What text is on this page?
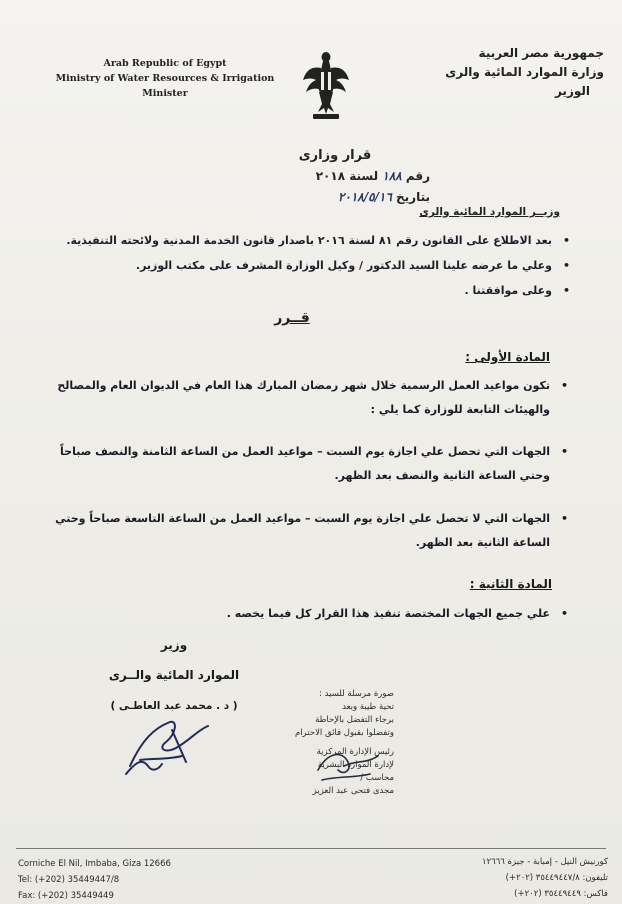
Arab Republic of Egypt
Ministry of Water Resources & Irrigation
Minister
جمهورية مصر العربية
وزارة الموارد المائية والرى
الوزير
قرار وزارى
رقم ١٨٨ لسنة ٢٠١٨
بتاريخ ٢٠١٨/٥/١٦
وزيــر الموارد المائية والرى
بعد الاطلاع على القانون رقم ٨١ لسنة ٢٠١٦ باصدار قانون الخدمة المدنية ولائحته التنفيذية. •
وعلي ما عرضه علينا السيد الدكتور / وكيل الوزارة المشرف على مكتب الوزير. •
وعلى موافقتنا . •
قــرر
المادة الأولى :
تكون مواعيد العمل الرسمية خلال شهر رمضان المبارك هذا العام في الديوان العام والمصالح والهيئات التابعة للوزارة كما يلي : •
الجهات التي تحصل علي اجازة يوم السبت – مواعيد العمل من الساعة الثامنة والنصف صباحاً وحتي الساعة الثانية والنصف بعد الظهر. •
الجهات التي لا تحصل علي اجازة يوم السبت – مواعيد العمل من الساعة التاسعة صباحاً وحتي الساعة الثانية بعد الظهر. •
المادة الثانية :
علي جميع الجهات المختصة تنفيذ هذا القرار كل فيما يخصه . •
وزير
الموارد المائية والــرى
( د . محمد عبد العاطـى )
صورة مرسلة للسيد :
تحية طيبة وبعد
برجاء التفضل بالإحاطة
وتفضلوا بقبول فائق الاحترام
رئيس الإدارة المركزية
لإدارة الموارد البشرية
محاسب /
مجدى فتحى عبد العزيز
Corniche El Nil, Imbaba, Giza 12666
Tel: (+202) 35449447/8
Fax: (+202) 35449449
كورنيش النيل - إمبابة - جيزة ١٢٦٦٦
تليفون: ٣٥٤٤٩٤٤٧/٨ (٢٠٢+)
فاكس: ٣٥٤٤٩٤٤٩ (٢٠٢+)
